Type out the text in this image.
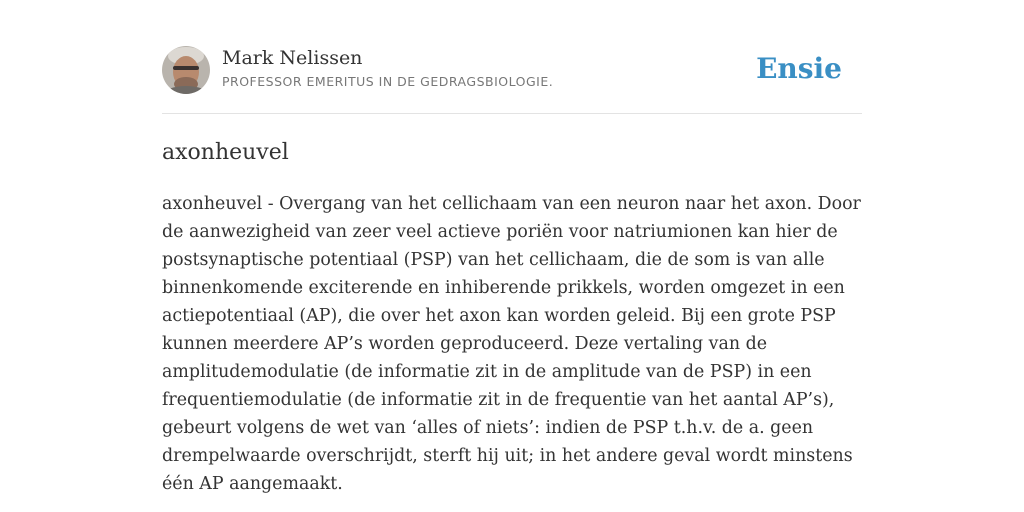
Mark Nelissen
PROFESSOR EMERITUS IN DE GEDRAGSBIOLOGIE.	Ensie
axonheuvel

axonheuvel - Overgang van het cellichaam van een neuron naar het axon. Door
de aanwezigheid van zeer veel actieve poriën voor natriumionen kan hier de
postsynaptische potentiaal (PSP) van het cellichaam, die de som is van alle
binnenkomende exciterende en inhiberende prikkels, worden omgezet in een
actiepotentiaal (AP), die over het axon kan worden geleid. Bij een grote PSP
kunnen meerdere AP’s worden geproduceerd. Deze vertaling van de
amplitudemodulatie (de informatie zit in de amplitude van de PSP) in een
frequentiemodulatie (de informatie zit in de frequentie van het aantal AP’s),
gebeurt volgens de wet van ‘alles of niets’: indien de PSP t.h.v. de a. geen
drempelwaarde overschrijdt, sterft hij uit; in het andere geval wordt minstens
één AP aangemaakt.
